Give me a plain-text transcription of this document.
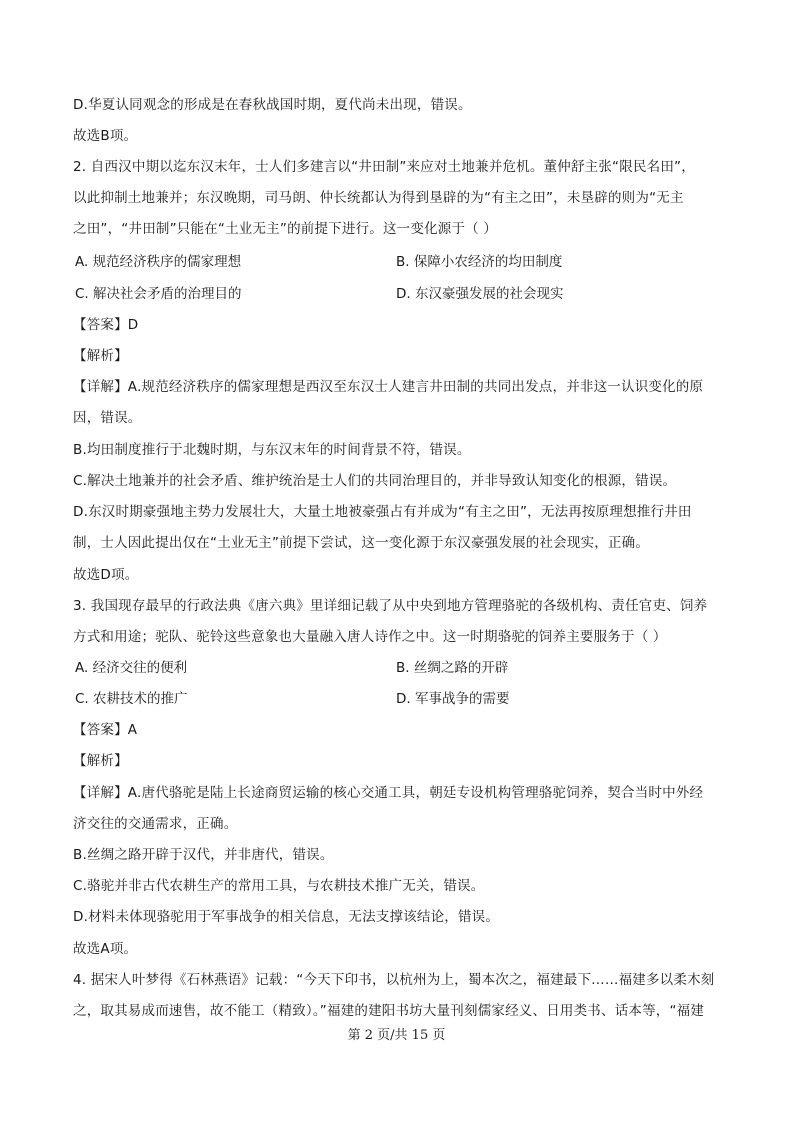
D.华夏认同观念的形成是在春秋战国时期，夏代尚未出现，错误。
故选B项。
2. 自西汉中期以迄东汉末年，士人们多建言以“井田制”来应对土地兼并危机。董仲舒主张“限民名田”，
以此抑制土地兼并；东汉晚期，司马朗、仲长统都认为得到垦辟的为“有主之田”，未垦辟的则为“无主
之田”，“井田制”只能在“土业无主”的前提下进行。这一变化源于（ ）
A. 规范经济秩序的儒家理想	B. 保障小农经济的均田制度
C. 解决社会矛盾的治理目的	D. 东汉豪强发展的社会现实
【答案】D
【解析】
【详解】A.规范经济秩序的儒家理想是西汉至东汉士人建言井田制的共同出发点，并非这一认识变化的原
因，错误。
B.均田制度推行于北魏时期，与东汉末年的时间背景不符，错误。
C.解决土地兼并的社会矛盾、维护统治是士人们的共同治理目的，并非导致认知变化的根源，错误。
D.东汉时期豪强地主势力发展壮大，大量土地被豪强占有并成为“有主之田”，无法再按原理想推行井田
制，士人因此提出仅在“土业无主”前提下尝试，这一变化源于东汉豪强发展的社会现实，正确。
故选D项。
3. 我国现存最早的行政法典《唐六典》里详细记载了从中央到地方管理骆驼的各级机构、责任官吏、饲养
方式和用途；驼队、驼铃这些意象也大量融入唐人诗作之中。这一时期骆驼的饲养主要服务于（ ）
A. 经济交往的便利	B. 丝绸之路的开辟
C. 农耕技术的推广	D. 军事战争的需要
【答案】A
【解析】
【详解】A.唐代骆驼是陆上长途商贸运输的核心交通工具，朝廷专设机构管理骆驼饲养，契合当时中外经
济交往的交通需求，正确。
B.丝绸之路开辟于汉代，并非唐代，错误。
C.骆驼并非古代农耕生产的常用工具，与农耕技术推广无关，错误。
D.材料未体现骆驼用于军事战争的相关信息，无法支撑该结论，错误。
故选A项。
4. 据宋人叶梦得《石林燕语》记载：“今天下印书，以杭州为上，蜀本次之，福建最下……福建多以柔木刻
之，取其易成而速售，故不能工（精致）。”福建的建阳书坊大量刊刻儒家经义、日用类书、话本等，“福建
第 2 页/共 15 页
